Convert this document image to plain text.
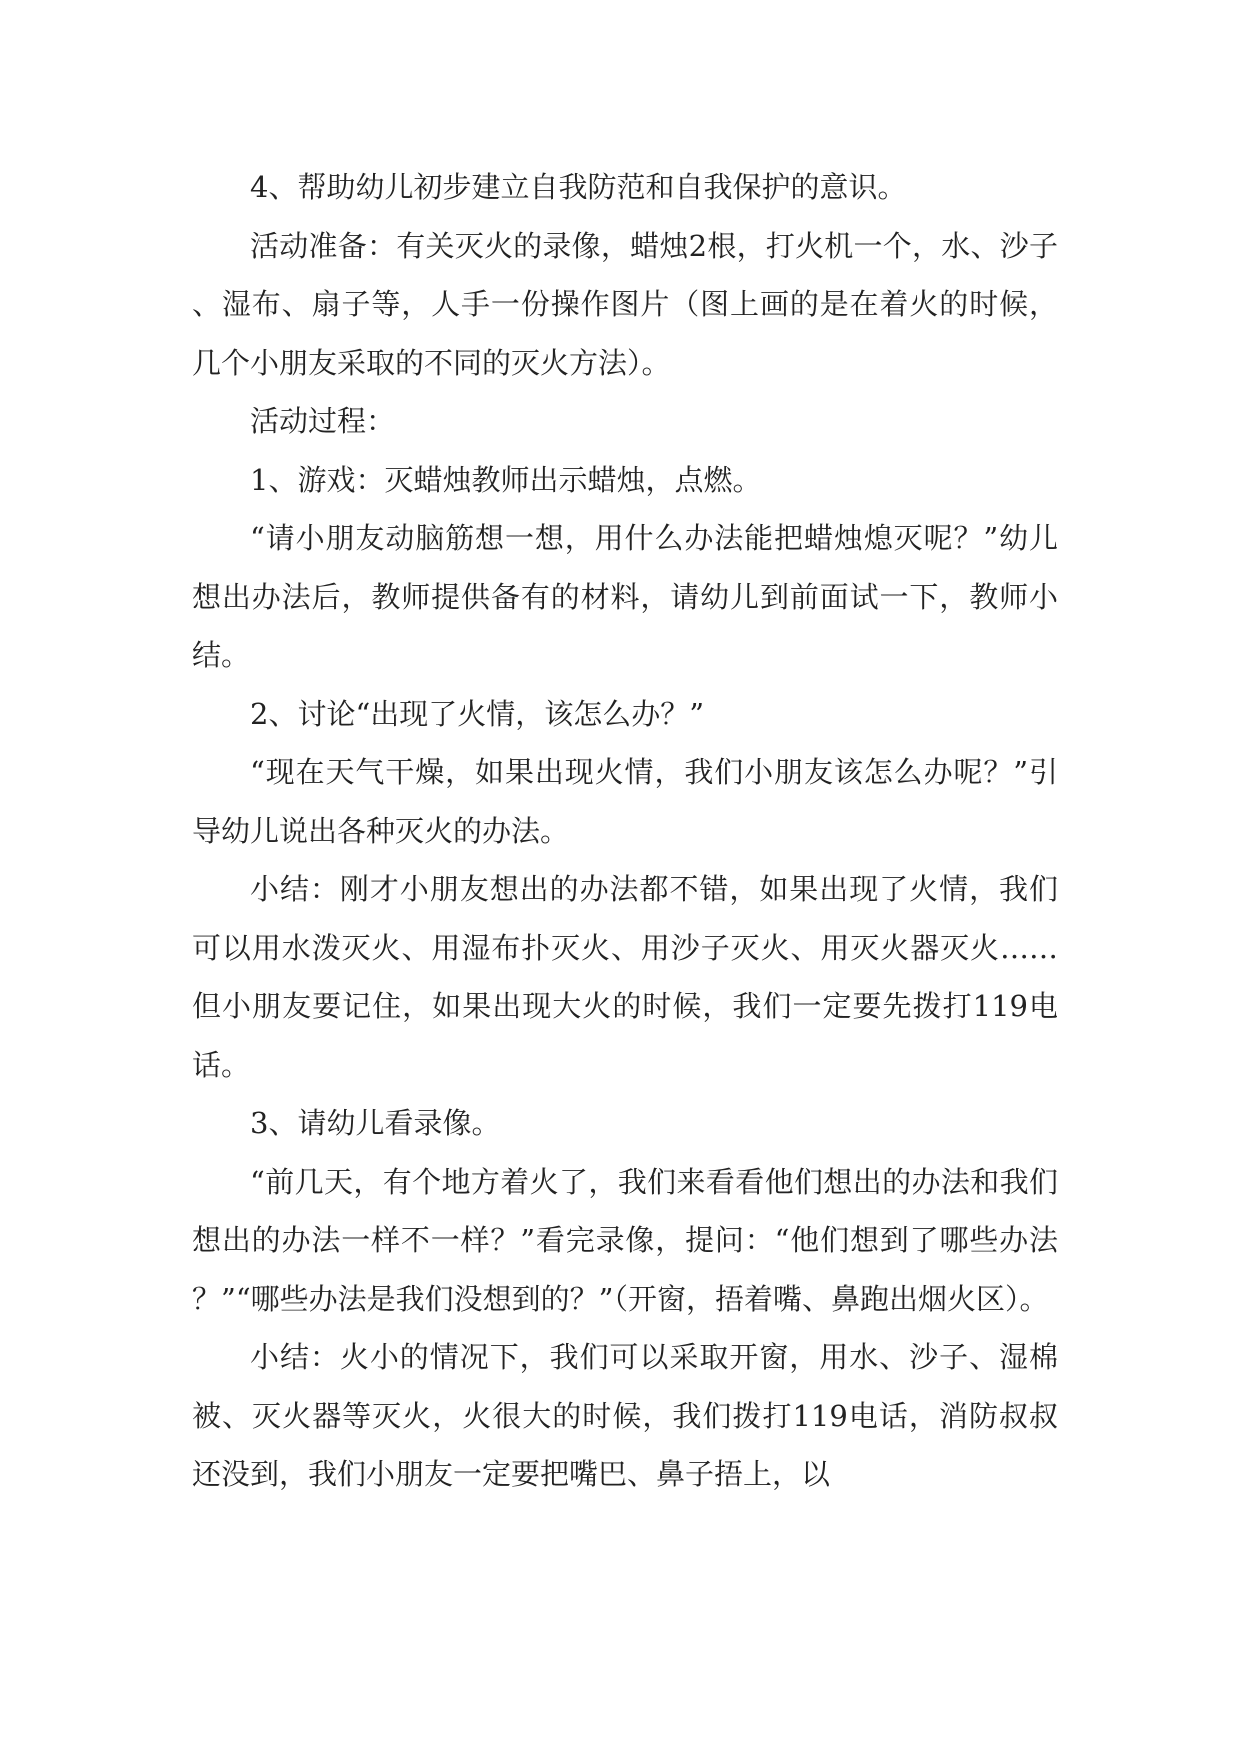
4、帮助幼儿初步建立自我防范和自我保护的意识。

活动准备：有关灭火的录像，蜡烛2根，打火机一个，水、沙子、湿布、扇子等，人手一份操作图片（图上画的是在着火的时候，几个小朋友采取的不同的灭火方法）。

活动过程：

1、游戏：灭蜡烛教师出示蜡烛，点燃。

“请小朋友动脑筋想一想，用什么办法能把蜡烛熄灭呢？”幼儿想出办法后，教师提供备有的材料，请幼儿到前面试一下，教师小结。

2、讨论“出现了火情，该怎么办？”

“现在天气干燥，如果出现火情，我们小朋友该怎么办呢？”引导幼儿说出各种灭火的办法。

小结：刚才小朋友想出的办法都不错，如果出现了火情，我们可以用水泼灭火、用湿布扑灭火、用沙子灭火、用灭火器灭火……但小朋友要记住，如果出现大火的时候，我们一定要先拨打119电话。

3、请幼儿看录像。

“前几天，有个地方着火了，我们来看看他们想出的办法和我们想出的办法一样不一样？”看完录像，提问：“他们想到了哪些办法？”“哪些办法是我们没想到的？”（开窗，捂着嘴、鼻跑出烟火区）。

小结：火小的情况下，我们可以采取开窗，用水、沙子、湿棉被、灭火器等灭火，火很大的时候，我们拨打119电话，消防叔叔还没到，我们小朋友一定要把嘴巴、鼻子捂上，以
